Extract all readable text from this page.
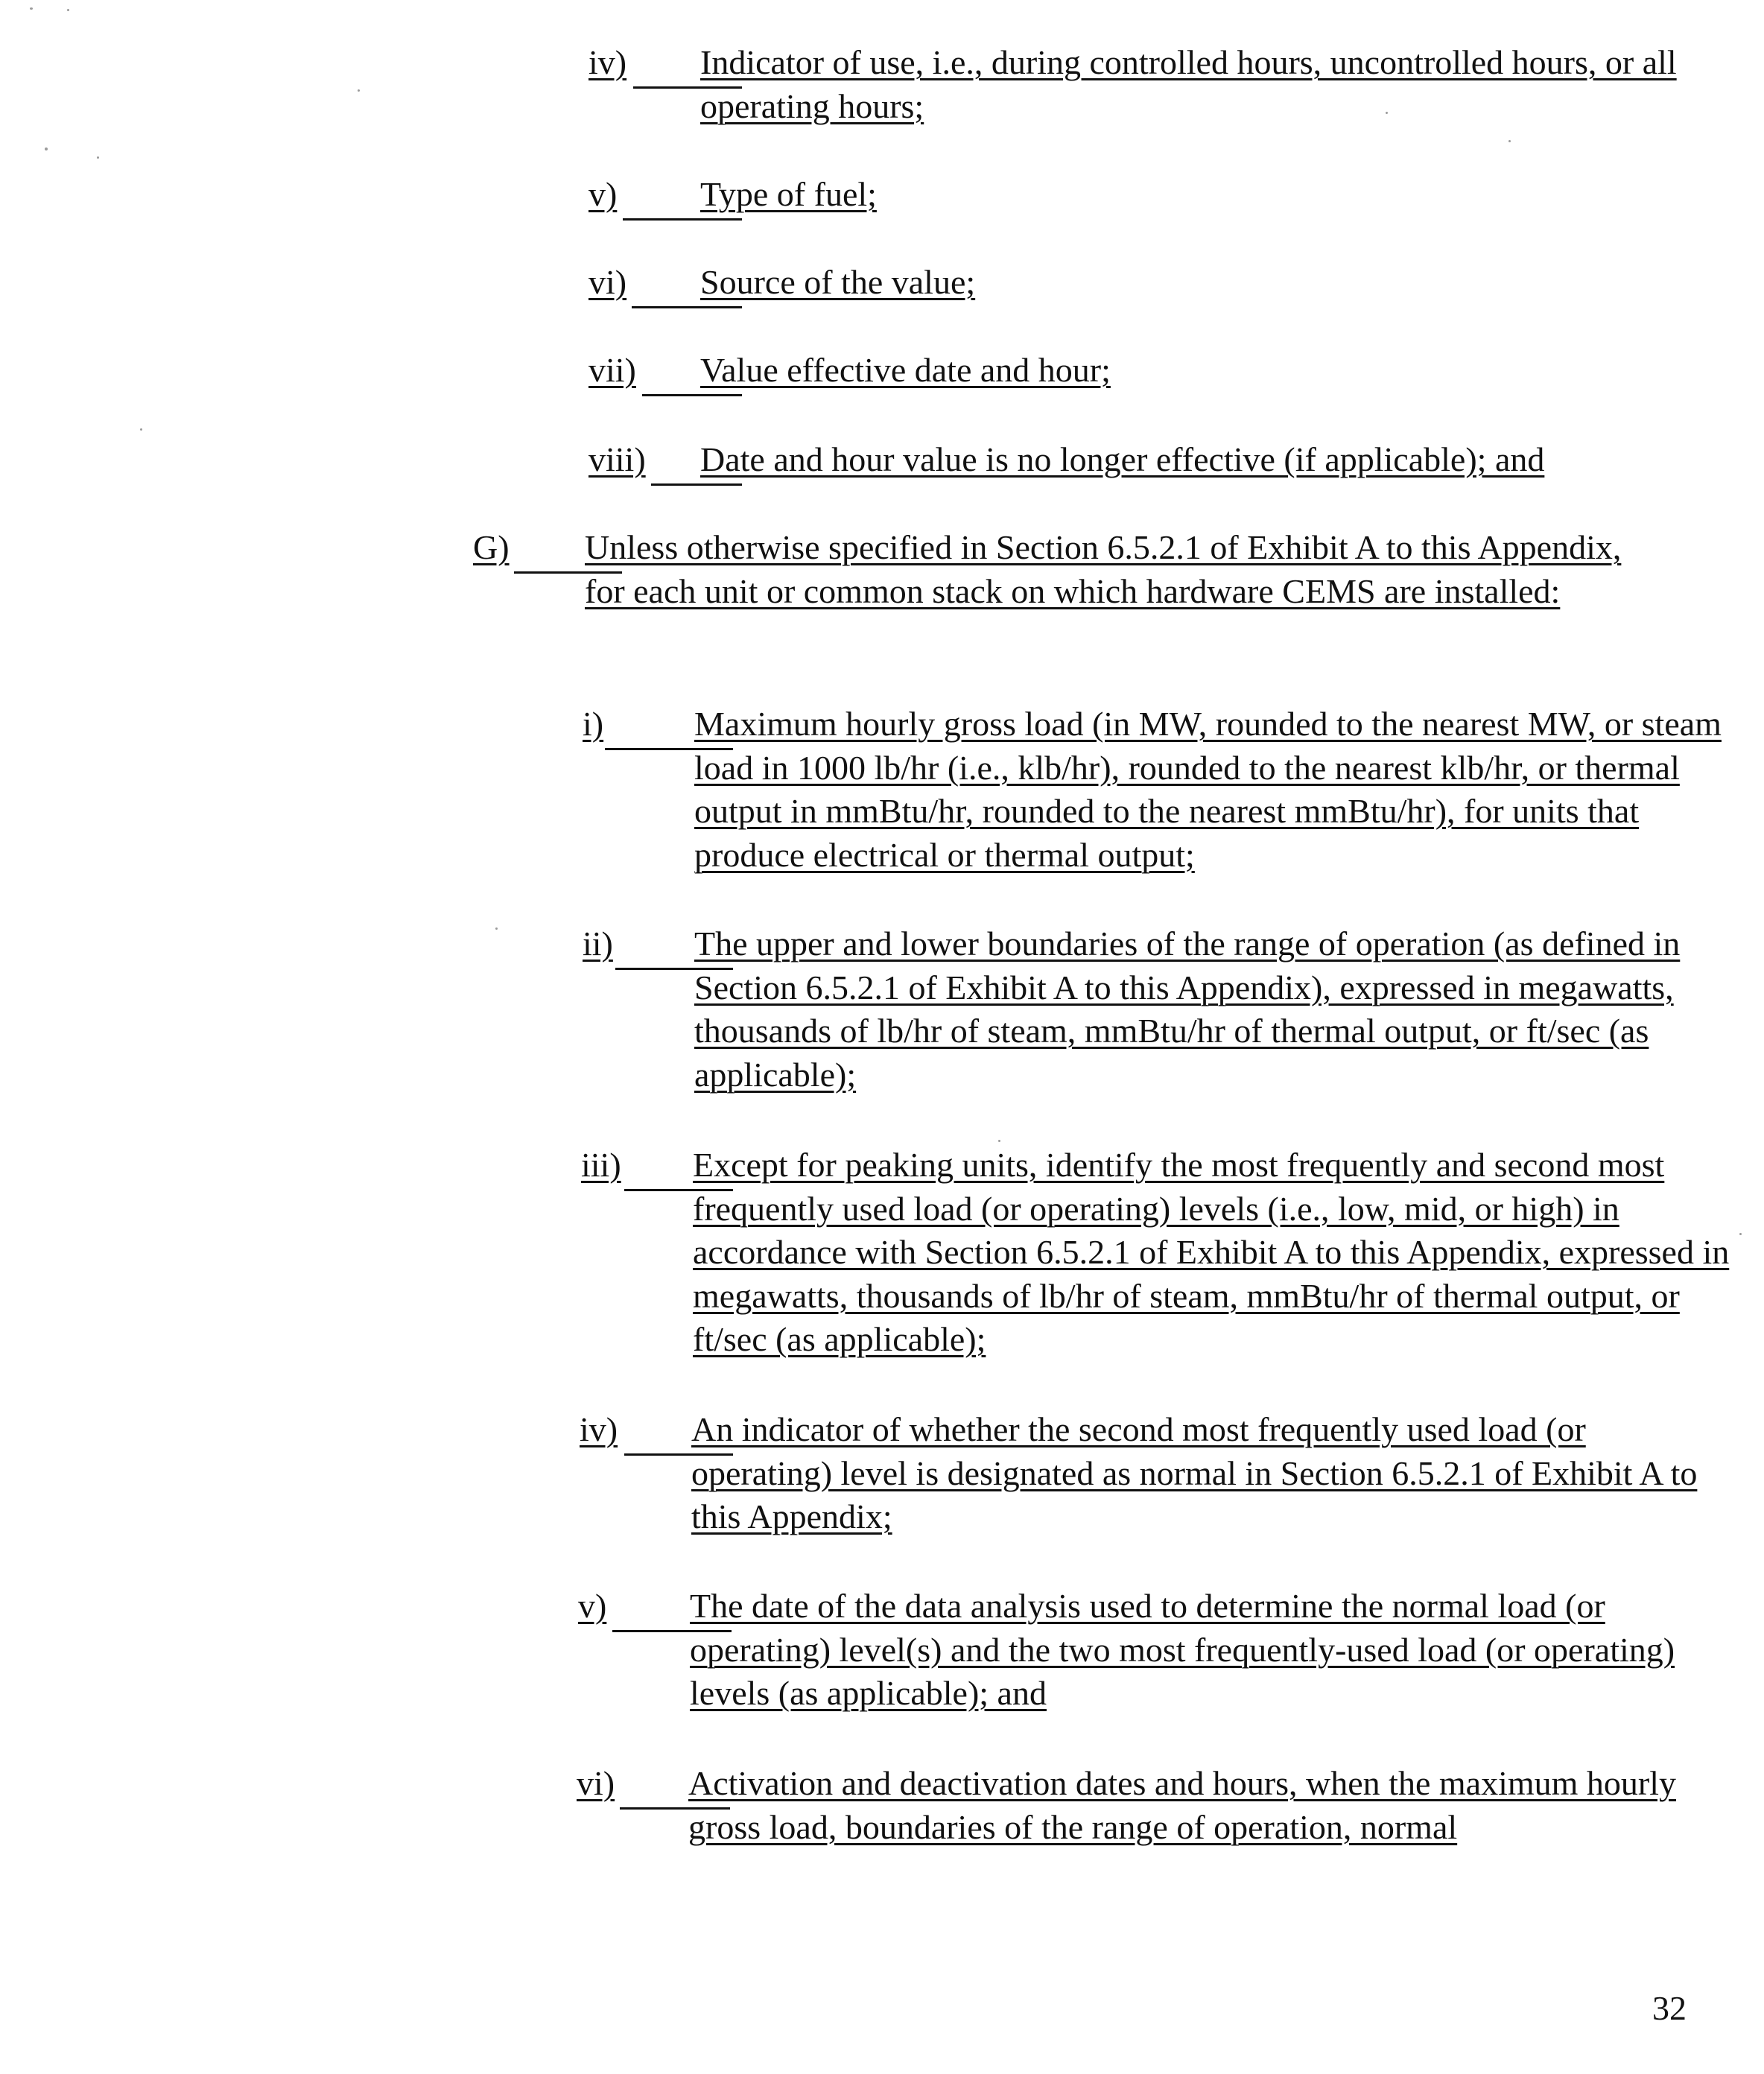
iv) Indicator of use, i.e., during controlled hours, uncontrolled hours, or all operating hours;
v) Type of fuel;
vi) Source of the value;
vii) Value effective date and hour;
viii) Date and hour value is no longer effective (if applicable); and
G) Unless otherwise specified in Section 6.5.2.1 of Exhibit A to this Appendix, for each unit or common stack on which hardware CEMS are installed:
i)	Maximum hourly gross load (in MW, rounded to the nearest MW, or steam load in 1000 lb/hr (i.e., klb/hr), rounded to the nearest klb/hr, or thermal output in mmBtu/hr, rounded to the nearest mmBtu/hr), for units that produce electrical or thermal output;
ii) The upper and lower boundaries of the range of operation (as defined in Section 6.5.2.1 of Exhibit A to this Appendix), expressed in megawatts, thousands of lb/hr of steam, mmBtu/hr of thermal output, or ft/sec (as applicable);
iii) Except for peaking units, identify the most frequently and second most frequently used load (or operating) levels (i.e., low, mid, or high) in accordance with Section 6.5.2.1 of Exhibit A to this Appendix, expressed in megawatts, thousands of lb/hr of steam, mmBtu/hr of thermal output, or ft/sec (as applicable);
iv) An indicator of whether the second most frequently used load (or operating) level is designated as normal in Section 6.5.2.1 of Exhibit A to this Appendix;
v) The date of the data analysis used to determine the normal load (or operating) level(s) and the two most frequently-used load (or operating) levels (as applicable); and
vi) Activation and deactivation dates and hours, when the maximum hourly gross load, boundaries of the range of operation, normal
32
